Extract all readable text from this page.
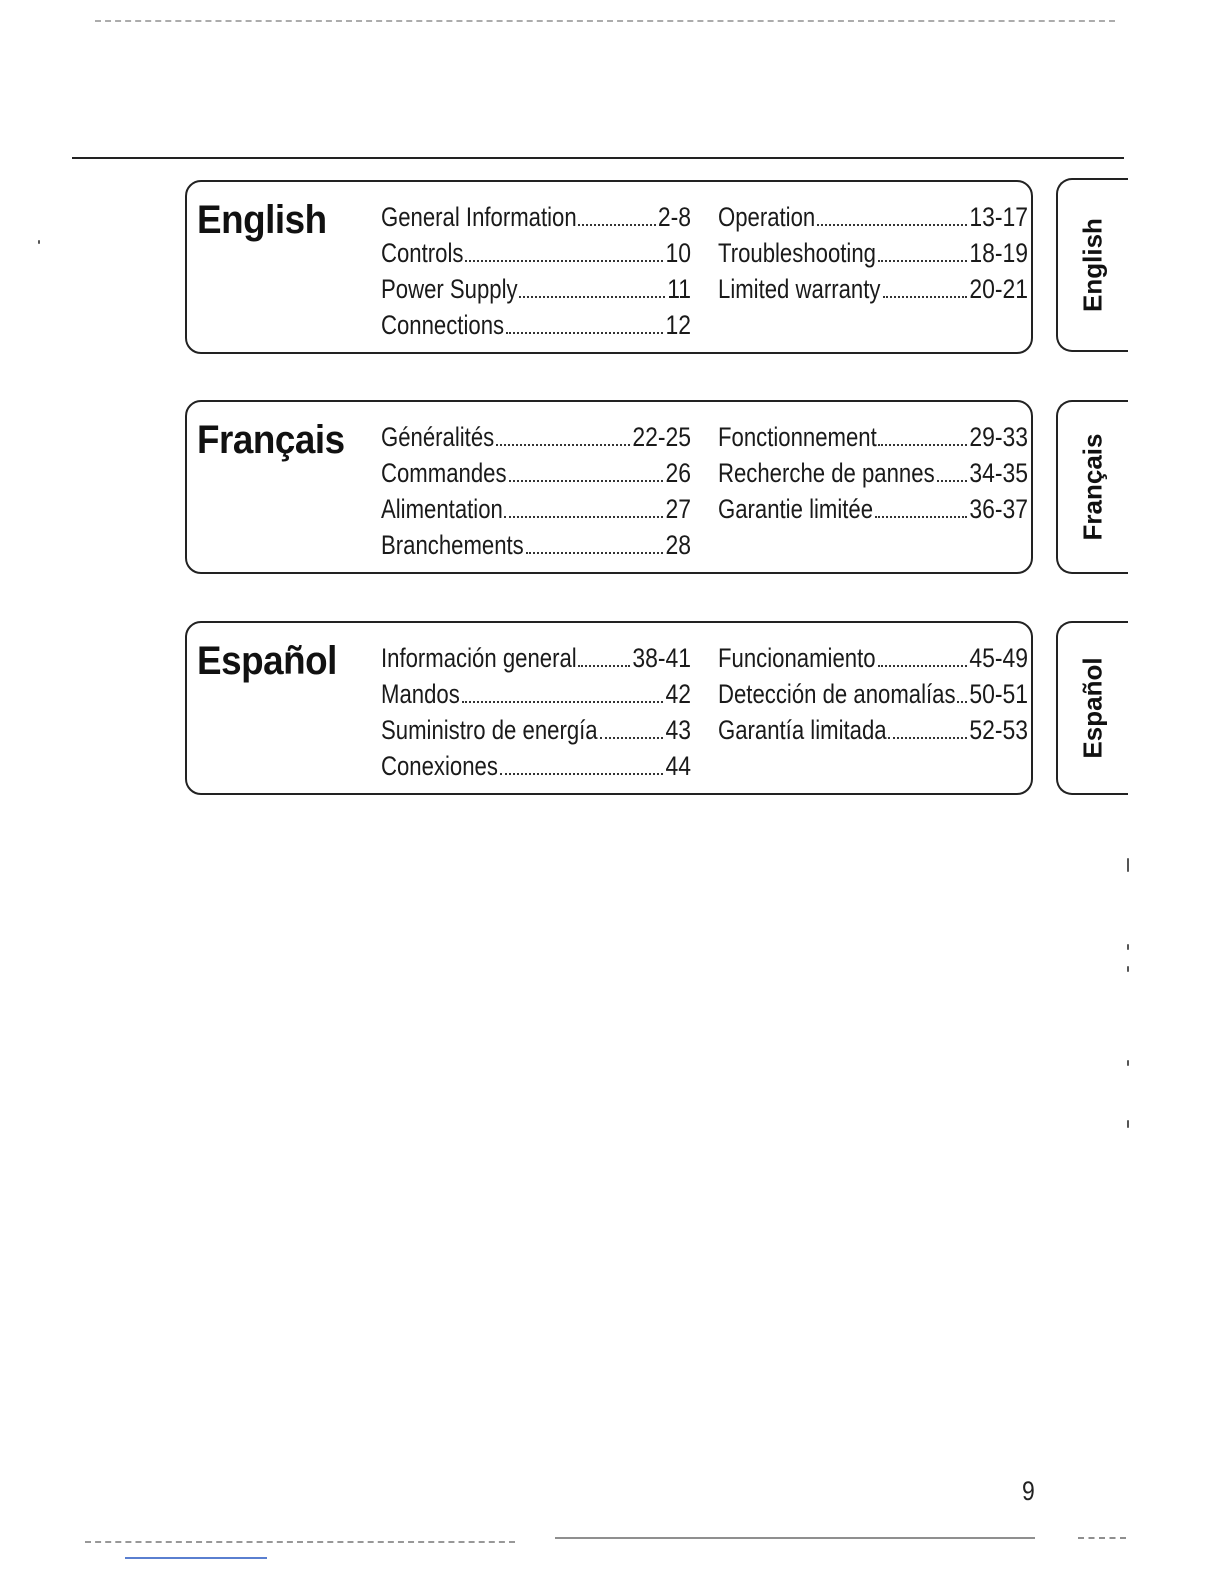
English General Information	2-8
Controls	10
Power Supply	11
Connections	12
Operation	13-17
Troubleshooting	18-19
Limited warranty	20-21 English
Français Généralités	22-25
Commandes	26
Alimentation	27
Branchements	28
Fonctionnement	29-33
Recherche de pannes 34-35
Garantie limitée	36-37 Français
Español Información general 38-41
Mandos	42
Suministro de energía	43
Conexiones	44
Funcionamiento	45-49
Detección de anomalías 50-51
Garantía limitada	52-53 Español
9
